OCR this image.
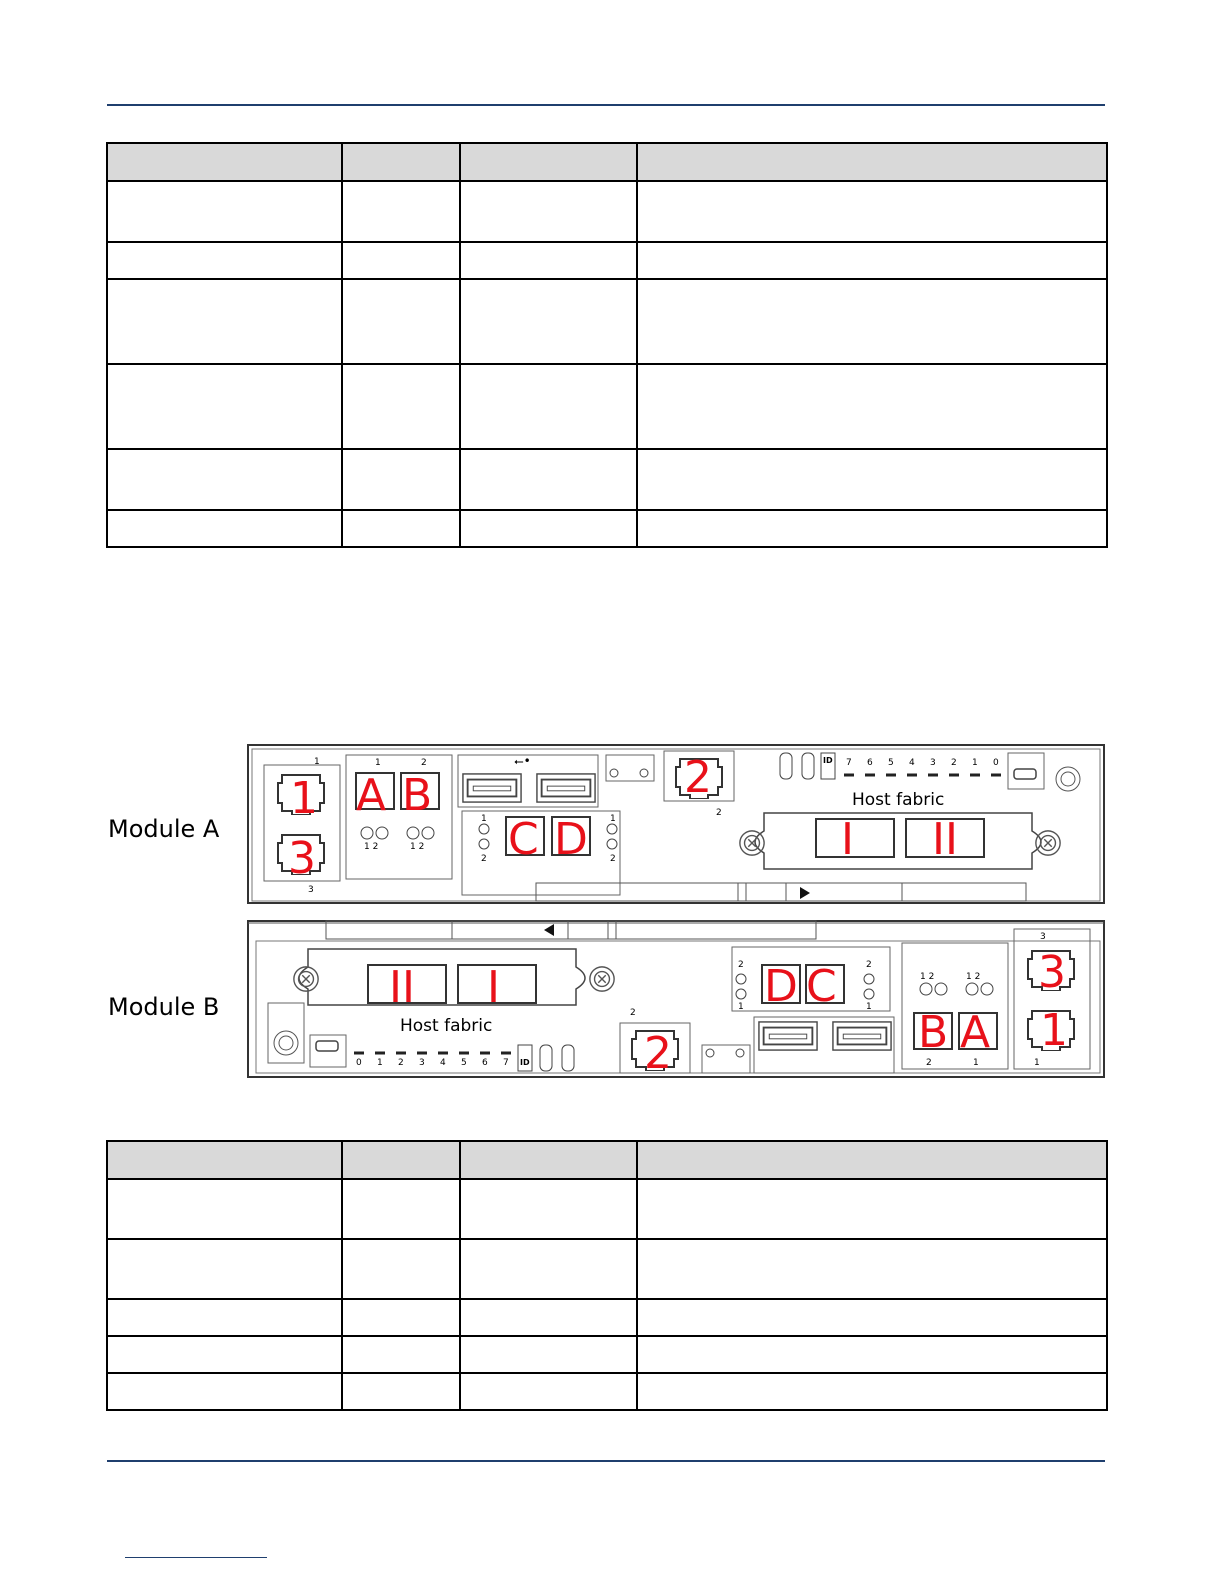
Module A
Module B
1
3
1	2
1 2	1 2
⭠•
1
2
1
2
2
ID 7 6 5 4 3 2 1 0
Host fabric
0 1 2 3 4 5 6 7 ID
Host fabric
2
2
1
2
1
1 2	1 2
2	1
3
1
1
3
A B
C D
2
I II
II I	D C
2	B A
3
1
